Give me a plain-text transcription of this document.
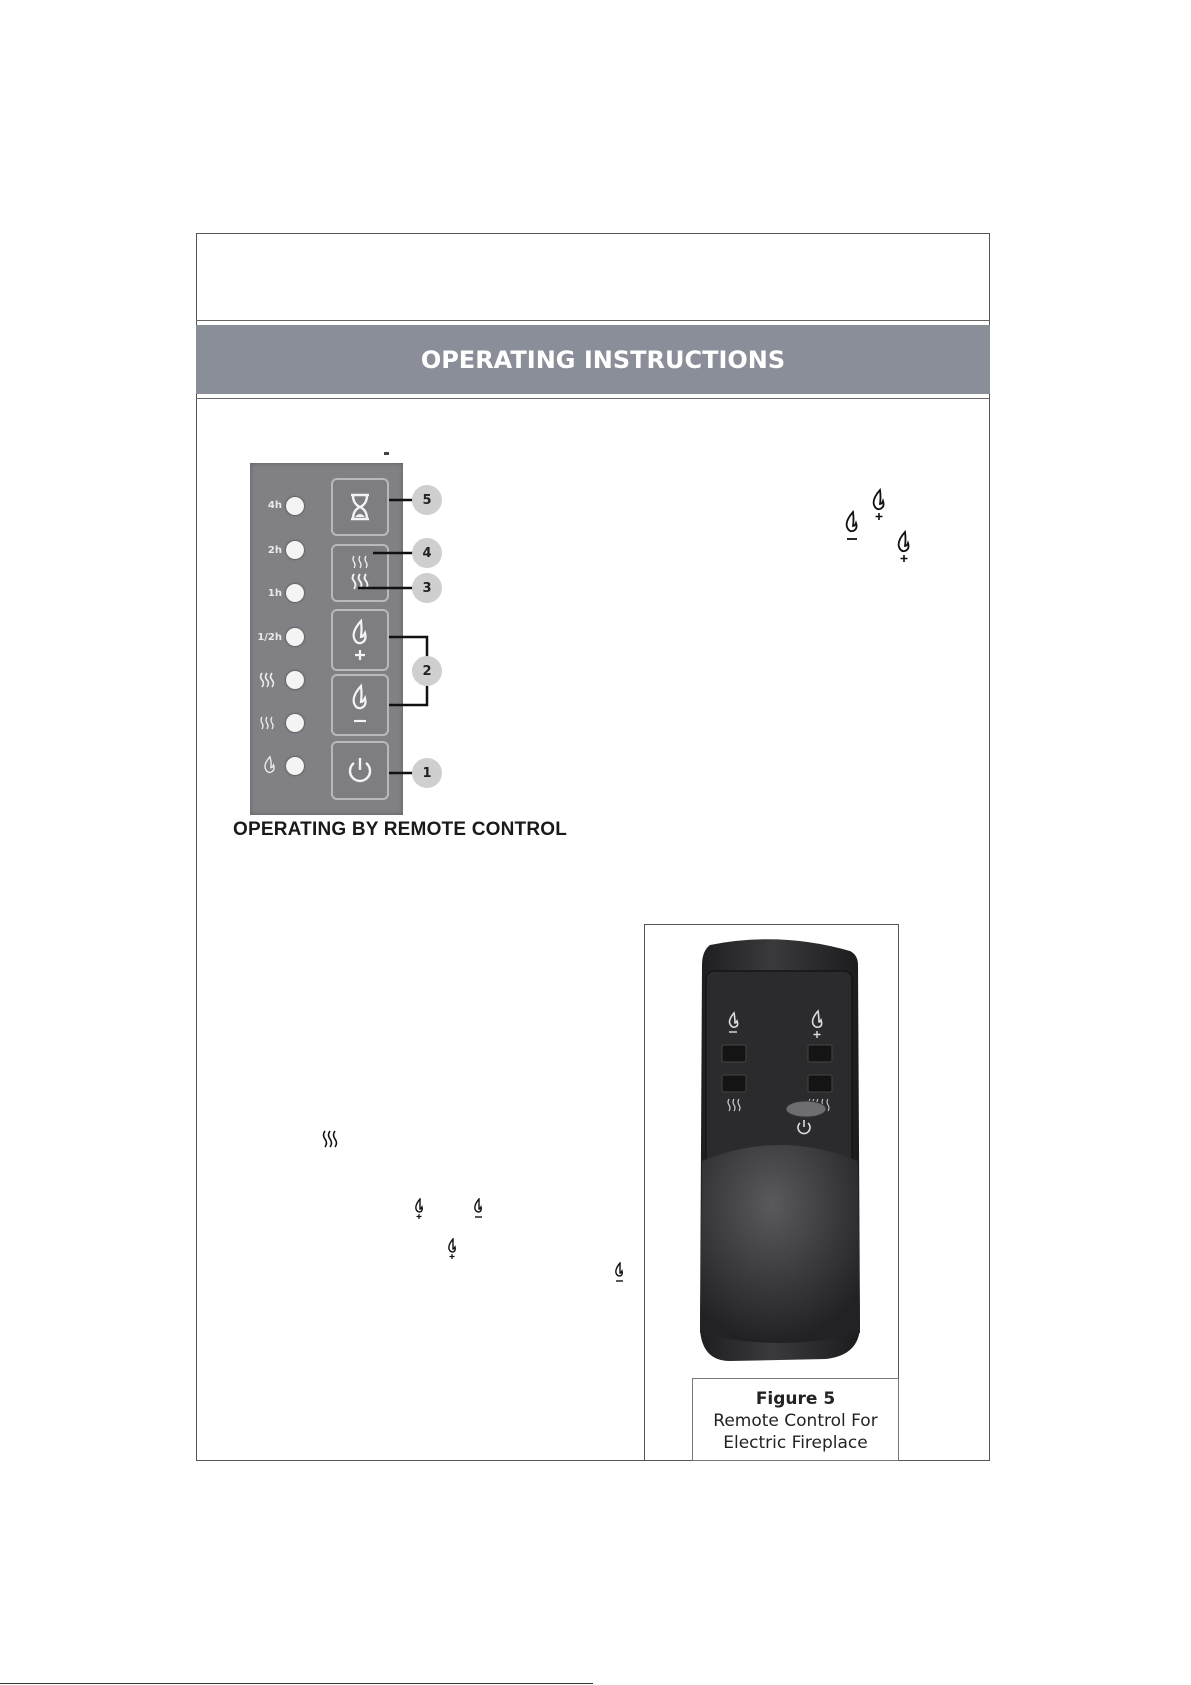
OPERATING INSTRUCTIONS
4h
2h
1h
1/2h
5
4
3
2
1
OPERATING BY REMOTE CONTROL
Figure 5
Remote Control For
Electric Fireplace
